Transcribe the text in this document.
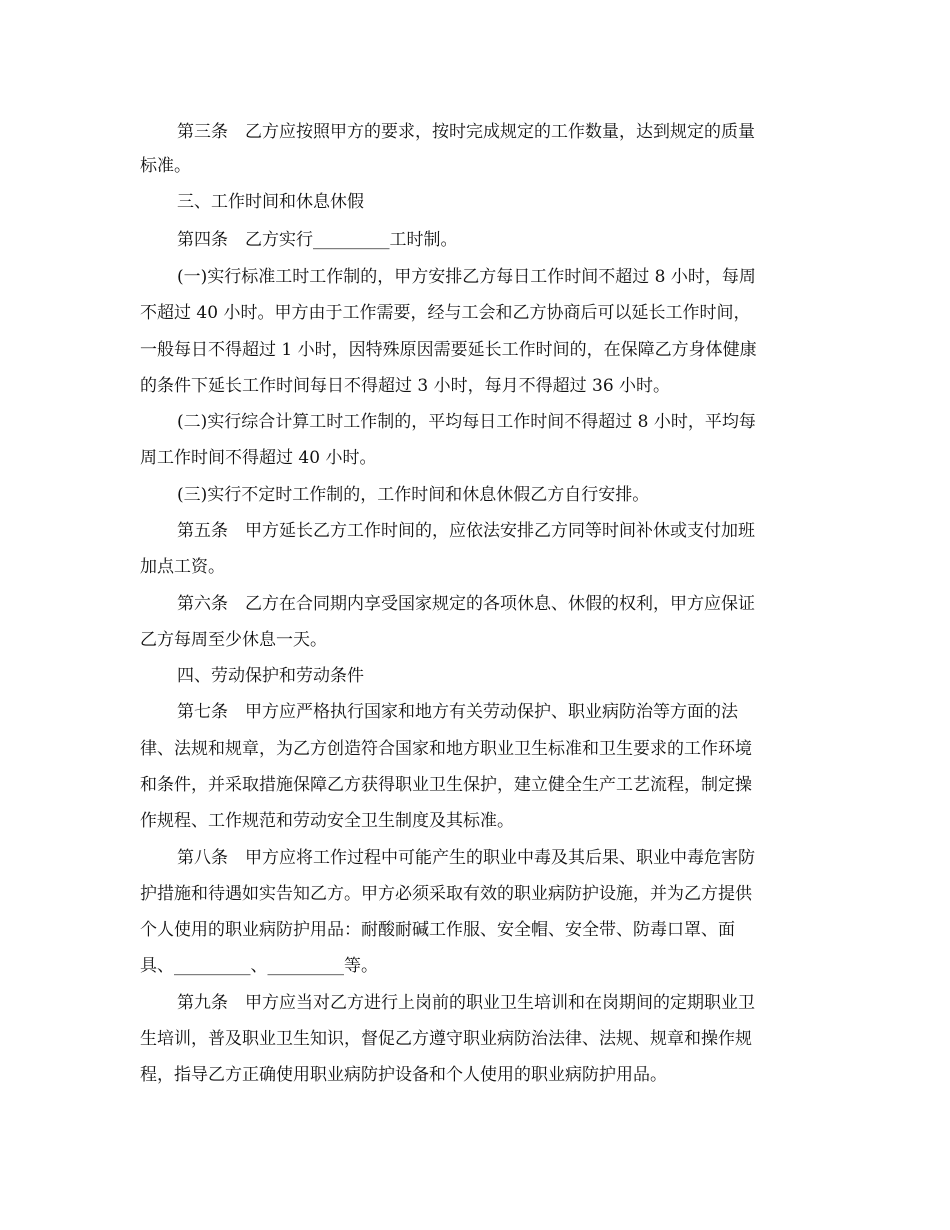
第三条　乙方应按照甲方的要求，按时完成规定的工作数量，达到规定的质量
标准。
三、工作时间和休息休假
第四条　乙方实行_________工时制。
(一)实行标准工时工作制的，甲方安排乙方每日工作时间不超过 8 小时，每周
不超过 40 小时。甲方由于工作需要，经与工会和乙方协商后可以延长工作时间，
一般每日不得超过 1 小时，因特殊原因需要延长工作时间的，在保障乙方身体健康
的条件下延长工作时间每日不得超过 3 小时，每月不得超过 36 小时。
(二)实行综合计算工时工作制的，平均每日工作时间不得超过 8 小时，平均每
周工作时间不得超过 40 小时。
(三)实行不定时工作制的，工作时间和休息休假乙方自行安排。
第五条　甲方延长乙方工作时间的，应依法安排乙方同等时间补休或支付加班
加点工资。
第六条　乙方在合同期内享受国家规定的各项休息、休假的权利，甲方应保证
乙方每周至少休息一天。
四、劳动保护和劳动条件
第七条　甲方应严格执行国家和地方有关劳动保护、职业病防治等方面的法
律、法规和规章，为乙方创造符合国家和地方职业卫生标准和卫生要求的工作环境
和条件，并采取措施保障乙方获得职业卫生保护，建立健全生产工艺流程，制定操
作规程、工作规范和劳动安全卫生制度及其标准。
第八条　甲方应将工作过程中可能产生的职业中毒及其后果、职业中毒危害防
护措施和待遇如实告知乙方。甲方必须采取有效的职业病防护设施，并为乙方提供
个人使用的职业病防护用品：耐酸耐碱工作服、安全帽、安全带、防毒口罩、面
具、_________、_________等。
第九条　甲方应当对乙方进行上岗前的职业卫生培训和在岗期间的定期职业卫
生培训，普及职业卫生知识，督促乙方遵守职业病防治法律、法规、规章和操作规
程，指导乙方正确使用职业病防护设备和个人使用的职业病防护用品。
